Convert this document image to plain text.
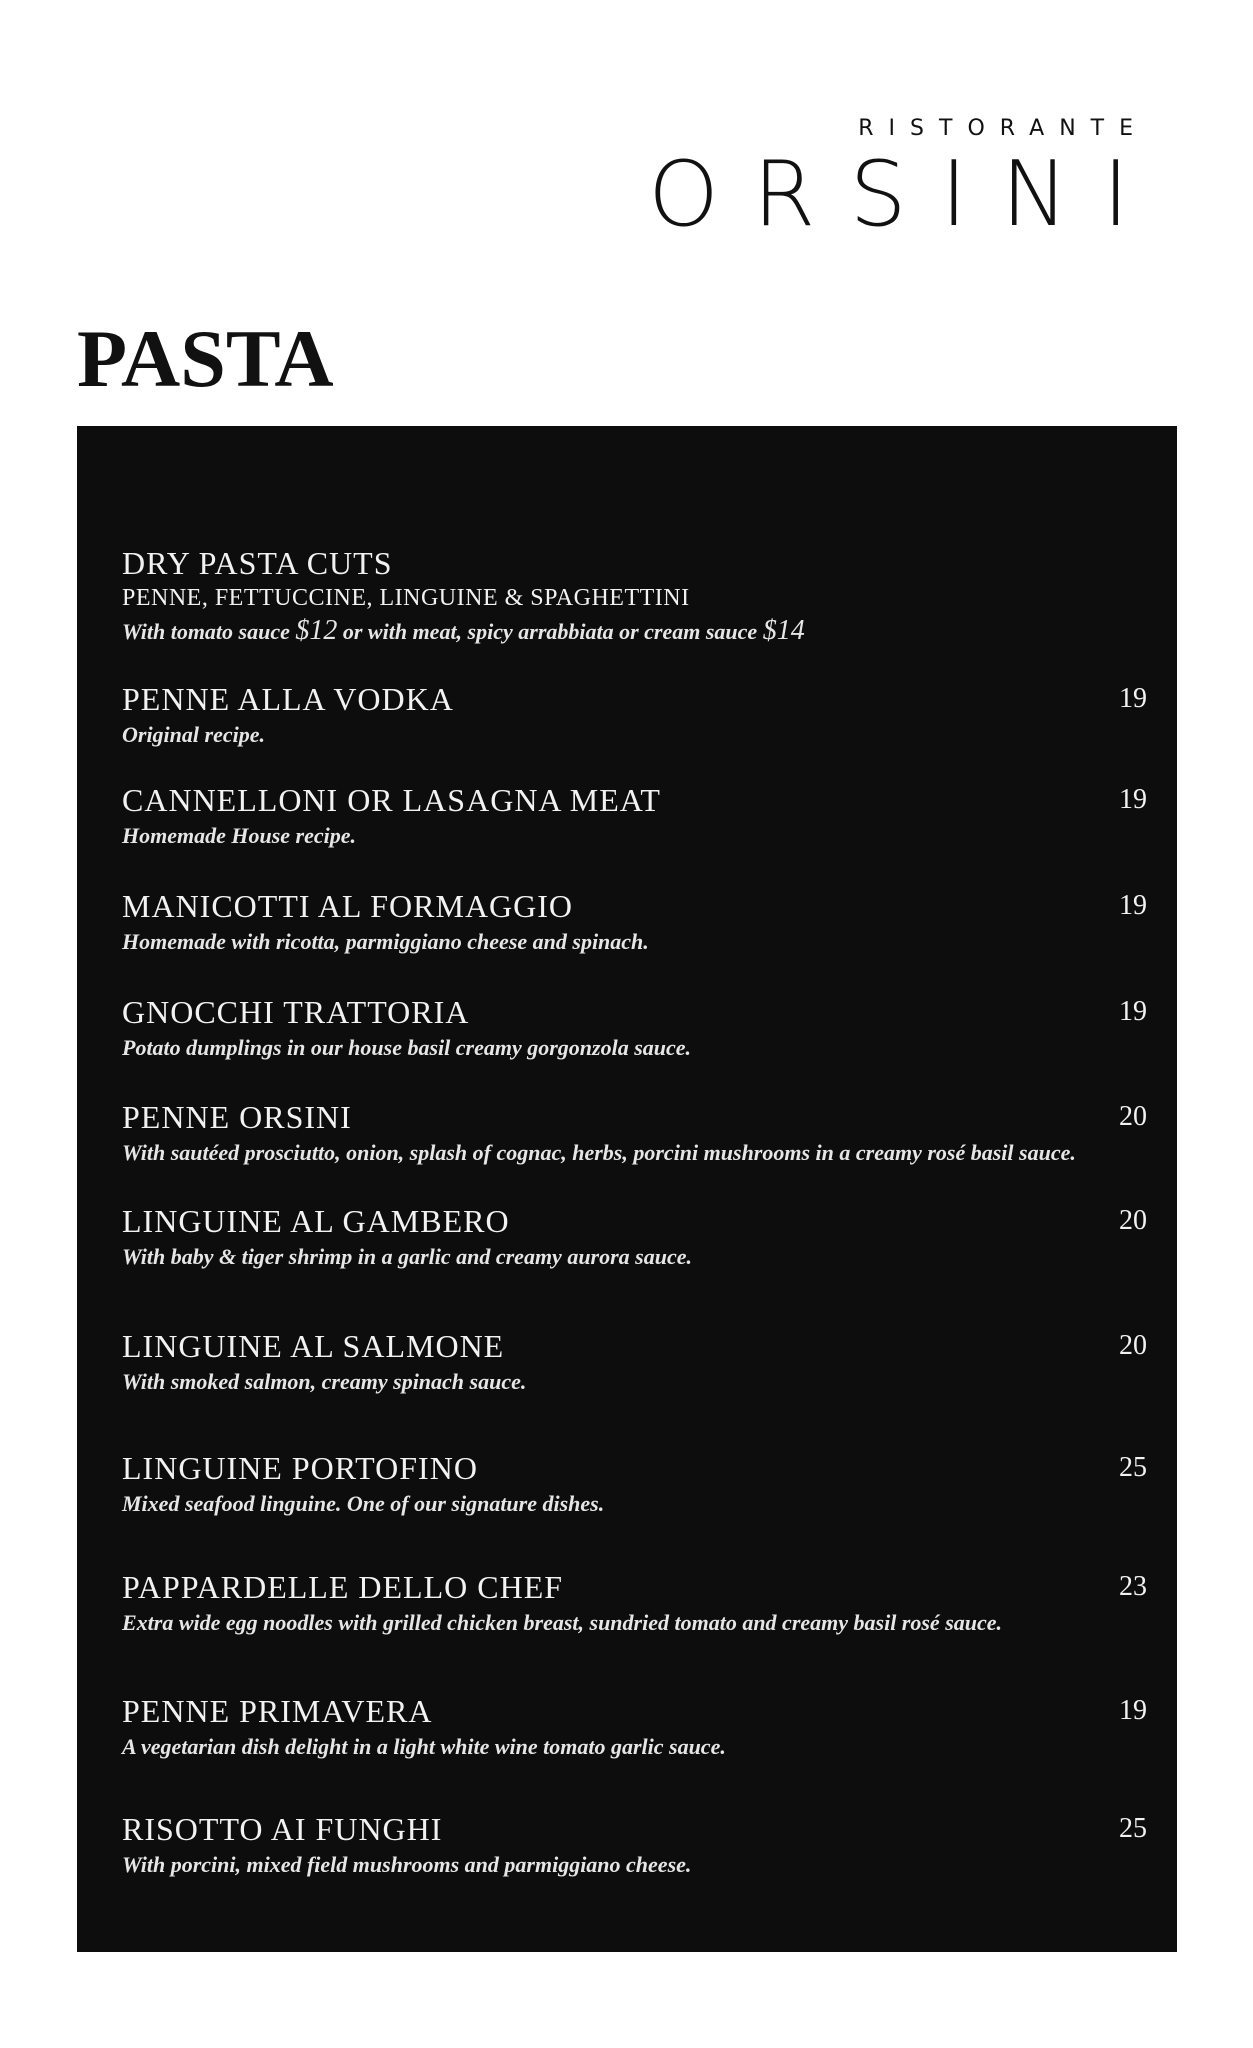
RISTORANTE
ORSINI
PASTA
DRY PASTA CUTS
PENNE, FETTUCCINE, LINGUINE & SPAGHETTINI
With tomato sauce $12 or with meat, spicy arrabbiata or cream sauce $14
PENNE ALLA VODKA	19
Original recipe.
CANNELLONI OR LASAGNA MEAT	19
Homemade House recipe.
MANICOTTI AL FORMAGGIO	19
Homemade with ricotta, parmiggiano cheese and spinach.
GNOCCHI TRATTORIA	19
Potato dumplings in our house basil creamy gorgonzola sauce.
PENNE ORSINI	20
With sautéed prosciutto, onion, splash of cognac, herbs, porcini mushrooms in a creamy rosé basil sauce.
LINGUINE AL GAMBERO	20
With baby & tiger shrimp in a garlic and creamy aurora sauce.
LINGUINE AL SALMONE	20
With smoked salmon, creamy spinach sauce.
LINGUINE PORTOFINO	25
Mixed seafood linguine. One of our signature dishes.
PAPPARDELLE DELLO CHEF	23
Extra wide egg noodles with grilled chicken breast, sundried tomato and creamy basil rosé sauce.
PENNE PRIMAVERA	19
A vegetarian dish delight in a light white wine tomato garlic sauce.
RISOTTO AI FUNGHI	25
With porcini, mixed field mushrooms and parmiggiano cheese.
